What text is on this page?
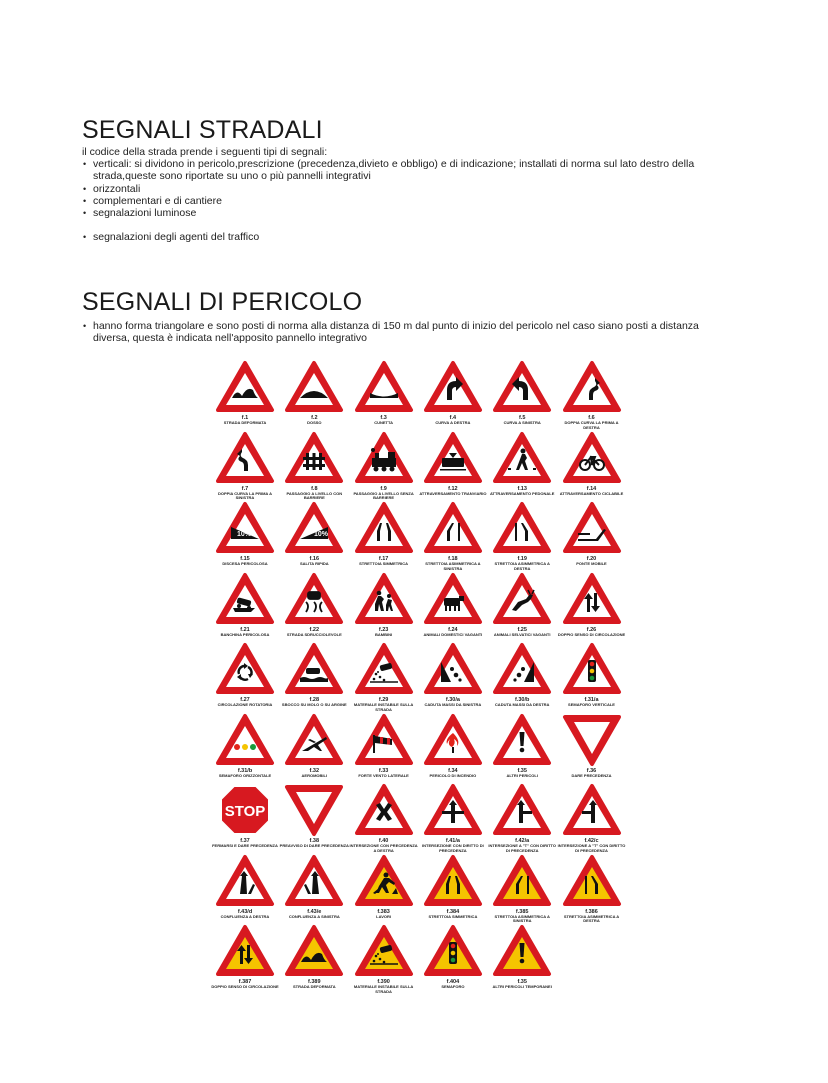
SEGNALI STRADALI
il codice della strada prende i seguenti tipi di segnali:
• verticali: si dividono in pericolo,prescrizione (precedenza,divieto e obbligo) e di indicazione; installati di norma sul lato destro della strada,queste sono riportate su uno o più pannelli integrativi
• orizzontali
• complementari e di cantiere
• segnalazioni luminose
• segnalazioni degli agenti del traffico
SEGNALI DI PERICOLO
• hanno forma triangolare e sono posti di norma alla distanza di 150 m dal punto di inizio del pericolo nel caso siano posti a distanza diversa, questa è indicata nell'apposito pannello integrativo
f.1
STRADA DEFORMATA
f.2
DOSSO
f.3
CUNETTA
f.4
CURVA A DESTRA
f.5
CURVA A SINISTRA
f.6
DOPPIA CURVA LA PRIMA A DESTRA
f.7
DOPPIA CURVA LA PRIMA A SINISTRA
f.8
PASSAGGIO A LIVELLO CON BARRIERE
f.9
PASSAGGIO A LIVELLO SENZA BARRIERE
f.12
ATTRAVERSAMENTO TRANVIARIO
f.13
ATTRAVERSAMENTO PEDONALE
f.14
ATTRAVERSAMENTO CICLABILE
10%
f.15
DISCESA PERICOLOSA
10%
f.16
SALITA RIPIDA
f.17
STRETTOIA SIMMETRICA
f.18
STRETTOIA ASIMMETRICA A SINISTRA
f.19
STRETTOIA ASIMMETRICA A DESTRA
f.20
PONTE MOBILE
f.21
BANCHINA PERICOLOSA
f.22
STRADA SDRUCCIOLEVOLE
f.23
BAMBINI
f.24
ANIMALI DOMESTICI VAGANTI
f.25
ANIMALI SELVATICI VAGANTI
f.26
DOPPIO SENSO DI CIRCOLAZIONE
f.27
CIRCOLAZIONE ROTATORIA
f.28
SBOCCO SU MOLO O SU ARGINE
f.29
MATERIALE INSTABILE SULLA STRADA
f.30/a
CADUTA MASSI DA SINISTRA
f.30/b
CADUTA MASSI DA DESTRA
f.31/a
SEMAFORO VERTICALE
f.31/b
SEMAFORO ORIZZONTALE
f.32
AEROMOBILI
f.33
FORTE VENTO LATERALE
f.34
PERICOLO DI INCENDIO
f.35
ALTRI PERICOLI
f.36
DARE PRECEDENZA
STOP
f.37
FERMARSI E DARE PRECEDENZA
f.38
PREAVVISO DI DARE PRECEDENZA
f.40
INTERSEZIONE CON PRECEDENZA A DESTRA
f.41/a
INTERSEZIONE CON DIRITTO DI PRECEDENZA
f.42/a
INTERSEZIONE A "T" CON DIRITTO DI PRECEDENZA
f.42/c
INTERSEZIONE A "T" CON DIRITTO DI PRECEDENZA
f.43/d
CONFLUENZA A DESTRA
f.43/e
CONFLUENZA A SINISTRA
f.383
LAVORI
f.384
STRETTOIA SIMMETRICA
f.385
STRETTOIA ASIMMETRICA A SINISTRA
f.386
STRETTOIA ASIMMETRICA A DESTRA
f.387
DOPPIO SENSO DI CIRCOLAZIONE
f.389
STRADA DEFORMATA
f.390
MATERIALE INSTABILE SULLA STRADA
f.404
SEMAFORO
f.35
ALTRI PERICOLI TEMPORANEI
